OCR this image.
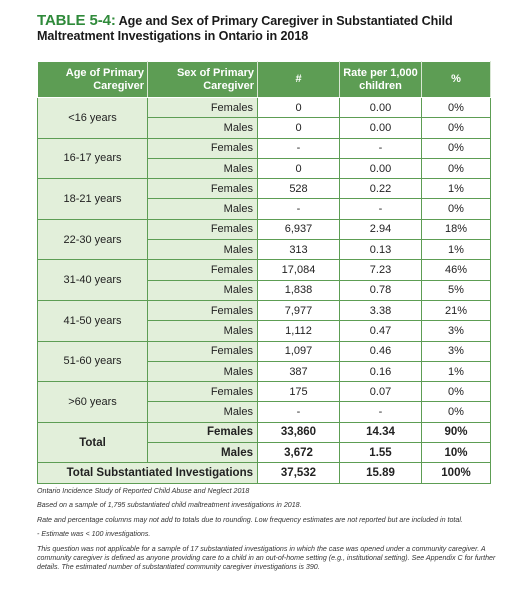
TABLE 5-4: Age and Sex of Primary Caregiver in Substantiated Child Maltreatment Investigations in Ontario in 2018
Age of Primary Caregiver	Sex of Primary Caregiver	#	Rate per 1,000 children	%
<16 years	Females	0	0.00	0%
	Males	0	0.00	0%
16-17 years	Females	-	-	0%
	Males	0	0.00	0%
18-21 years	Females	528	0.22	1%
	Males	-	-	0%
22-30 years	Females	6,937	2.94	18%
	Males	313	0.13	1%
31-40 years	Females	17,084	7.23	46%
	Males	1,838	0.78	5%
41-50 years	Females	7,977	3.38	21%
	Males	1,112	0.47	3%
51-60 years	Females	1,097	0.46	3%
	Males	387	0.16	1%
>60 years	Females	175	0.07	0%
	Males	-	-	0%
Total	Females	33,860	14.34	90%
	Males	3,672	1.55	10%
Total Substantiated Investigations		37,532	15.89	100%

Ontario Incidence Study of Reported Child Abuse and Neglect 2018

Based on a sample of 1,795 substantiated child maltreatment investigations in 2018.

Rate and percentage columns may not add to totals due to rounding. Low frequency estimates are not reported but are included in total.

- Estimate was < 100 investigations.

This question was not applicable for a sample of 17 substantiated investigations in which the case was opened under a community caregiver. A community caregiver is defined as anyone providing care to a child in an out-of-home setting (e.g., institutional setting). See Appendix C for further details. The estimated number of substantiated community caregiver investigations is 390.
